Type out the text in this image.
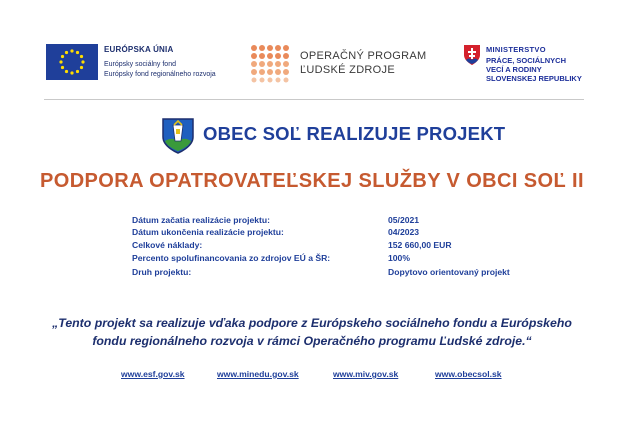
EURÓPSKA ÚNIA
Európsky sociálny fond
Európsky fond regionálneho rozvoja
OPERAČNÝ PROGRAM
ĽUDSKÉ ZDROJE
MINISTERSTVO
PRÁCE, SOCIÁLNYCH
VECÍ A RODINY
SLOVENSKEJ REPUBLIKY
OBEC SOĽ REALIZUJE PROJEKT
PODPORA OPATROVATEĽSKEJ SLUŽBY V OBCI SOĽ II
Dátum začatia realizácie projektu:	05/2021
Dátum ukončenia realizácie projektu:	04/2023
Celkové náklady:	152 660,00 EUR
Percento spolufinancovania zo zdrojov EÚ a ŠR:	100%
Druh projektu:	Dopytovo orientovaný projekt
„Tento projekt sa realizuje vďaka podpore z Európskeho sociálneho fondu a Európskeho
fondu regionálneho rozvoja v rámci Operačného programu Ľudské zdroje.“
www.esf.gov.sk	www.minedu.gov.sk	www.miv.gov.sk	www.obecsol.sk
